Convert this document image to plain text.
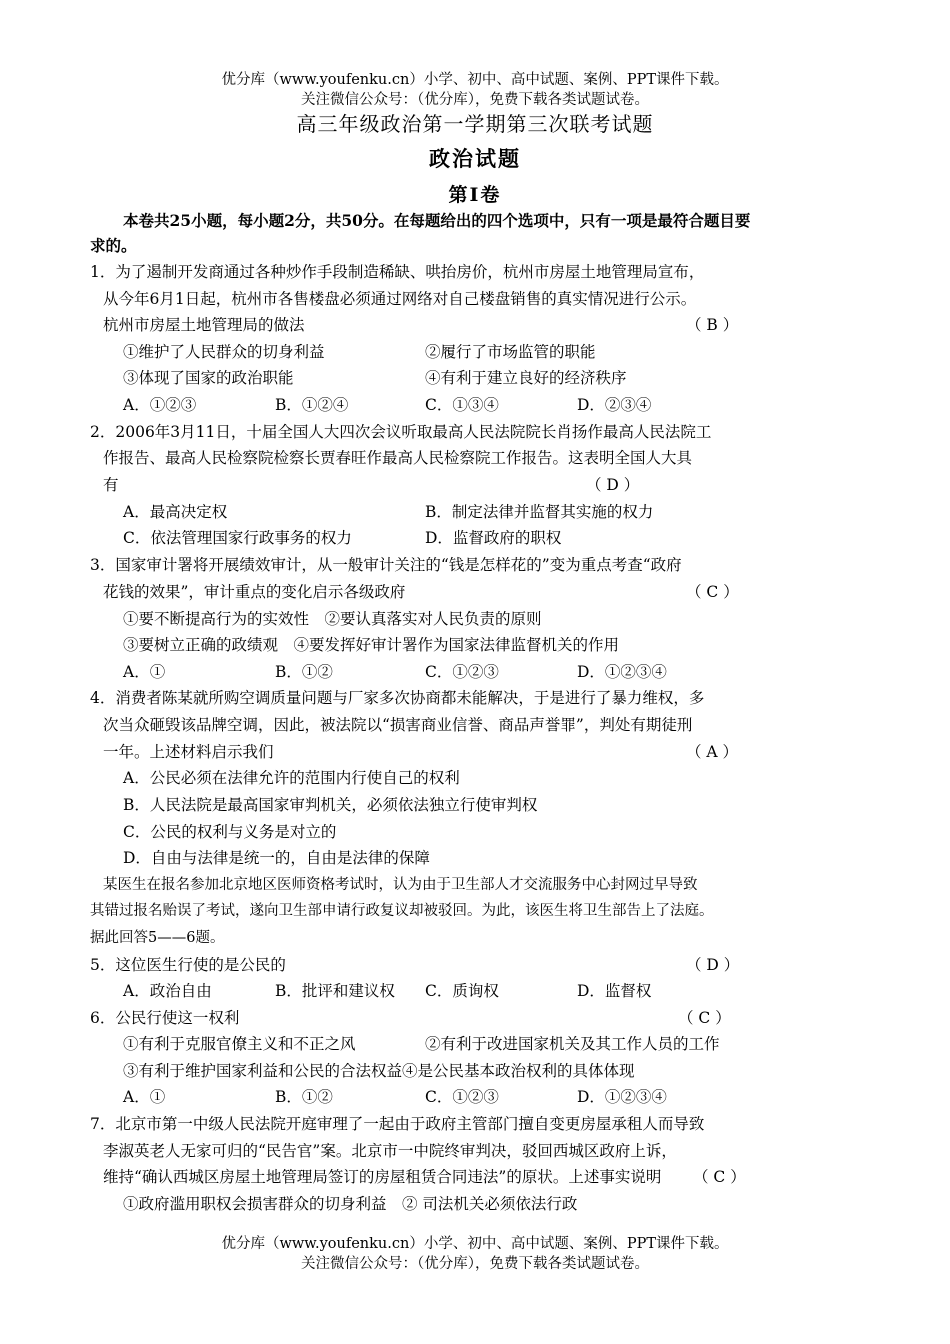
优分库（www.youfenku.cn）小学、初中、高中试题、案例、PPT课件下载。
关注微信公众号：（优分库），免费下载各类试题试卷。
高三年级政治第一学期第三次联考试题
政治试题
第Ⅰ卷
本卷共25小题，每小题2分，共50分。在每题给出的四个选项中，只有一项是最符合题目要
求的。
1．为了遏制开发商通过各种炒作手段制造稀缺、哄抬房价，杭州市房屋土地管理局宣布，
从今年6月1日起，杭州市各售楼盘必须通过网络对自己楼盘销售的真实情况进行公示。
杭州市房屋土地管理局的做法	（ B ）
①维护了人民群众的切身利益	②履行了市场监管的职能
③体现了国家的政治职能	④有利于建立良好的经济秩序
A．①②③	B．①②④	C．①③④	D．②③④
2．2006年3月11日，十届全国人大四次会议听取最高人民法院院长肖扬作最高人民法院工
作报告、最高人民检察院检察长贾春旺作最高人民检察院工作报告。这表明全国人大具
有	（ D ）
A．最高决定权	B．制定法律并监督其实施的权力
C．依法管理国家行政事务的权力	D．监督政府的职权
3．国家审计署将开展绩效审计，从一般审计关注的“钱是怎样花的”变为重点考查“政府
花钱的效果”，审计重点的变化启示各级政府	（ C ）
①要不断提高行为的实效性　②要认真落实对人民负责的原则
③要树立正确的政绩观　④要发挥好审计署作为国家法律监督机关的作用
A．①	B．①②	C．①②③	D．①②③④
4．消费者陈某就所购空调质量问题与厂家多次协商都未能解决，于是进行了暴力维权，多
次当众砸毁该品牌空调，因此，被法院以“损害商业信誉、商品声誉罪”，判处有期徒刑
一年。上述材料启示我们	（ A ）
A．公民必须在法律允许的范围内行使自己的权利
B．人民法院是最高国家审判机关，必须依法独立行使审判权
C．公民的权利与义务是对立的
D．自由与法律是统一的，自由是法律的保障
某医生在报名参加北京地区医师资格考试时，认为由于卫生部人才交流服务中心封网过早导致
其错过报名贻误了考试，遂向卫生部申请行政复议却被驳回。为此，该医生将卫生部告上了法庭。
据此回答5——6题。
5．这位医生行使的是公民的	（ D ）
A．政治自由	B．批评和建议权 C．质询权	D．监督权
6．公民行使这一权利	（ C ）
①有利于克服官僚主义和不正之风	②有利于改进国家机关及其工作人员的工作
③有利于维护国家利益和公民的合法权益④是公民基本政治权利的具体体现
A．①	B．①②	C．①②③	D．①②③④
7．北京市第一中级人民法院开庭审理了一起由于政府主管部门擅自变更房屋承租人而导致
李淑英老人无家可归的“民告官”案。北京市一中院终审判决，驳回西城区政府上诉，
维持“确认西城区房屋土地管理局签订的房屋租赁合同违法”的原状。上述事实说明 （ C ）
①政府滥用职权会损害群众的切身利益　② 司法机关必须依法行政
优分库（www.youfenku.cn）小学、初中、高中试题、案例、PPT课件下载。
关注微信公众号：（优分库），免费下载各类试题试卷。
